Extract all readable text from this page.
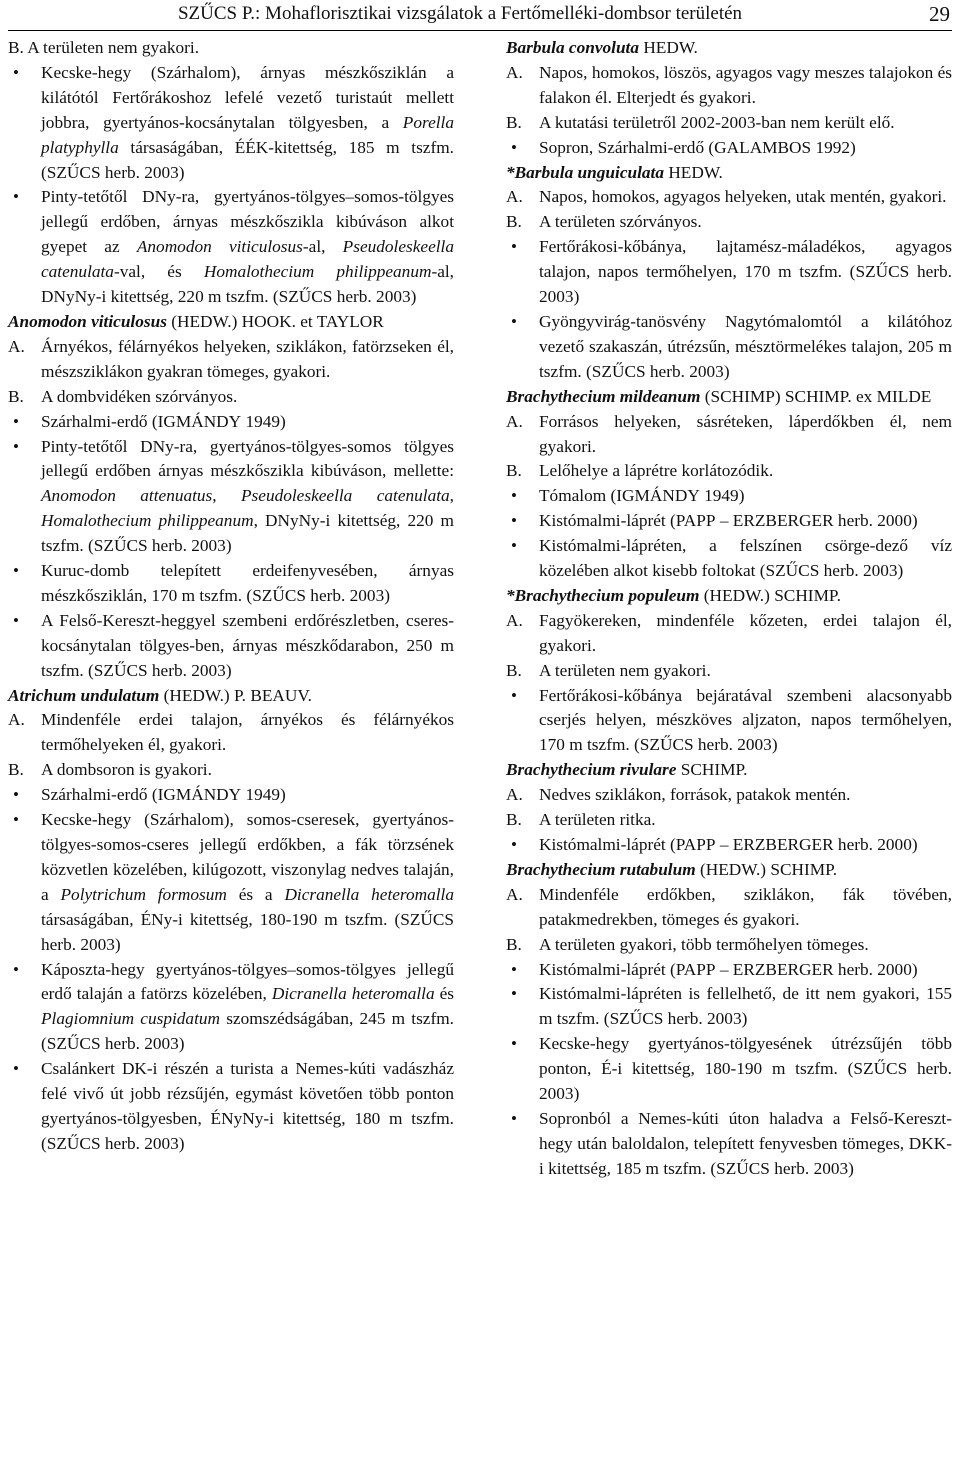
SZŰCS P.: Mohaflorisztikai vizsgálatok a Fertőmelléki-dombsor területén	29

B. A területen nem gyakori.

• Kecske-hegy (Szárhalom), árnyas mészkősziklán a kilátótól Fertőrákoshoz lefelé vezető turistaút mellett jobbra, gyertyános-kocsánytalan tölgyesben, a Porella platyphylla társaságában, ÉÉK-kitettség, 185 m tszfm. (SZŰCS herb. 2003)

• Pinty-tetőtől DNy-ra, gyertyános-tölgyes–somos-tölgyes jellegű erdőben, árnyas mészkőszikla kibúváson alkot gyepet az Anomodon viticulosus-al, Pseudoleskeella catenulata-val, és Homalothecium philippeanum-al, DNyNy-i kitettség, 220 m tszfm. (SZŰCS herb. 2003)

Anomodon viticulosus (HEDW.) HOOK. et TAYLOR

A. Árnyékos, félárnyékos helyeken, sziklákon, fatörzseken él, mészsziklákon gyakran tömeges, gyakori.

B. A dombvidéken szórványos.

• Szárhalmi-erdő (IGMÁNDY 1949)

• Pinty-tetőtől DNy-ra, gyertyános-tölgyes-somos tölgyes jellegű erdőben árnyas mészkőszikla kibúváson, mellette: Anomodon attenuatus, Pseudoleskeella catenulata, Homalothecium philippeanum, DNyNy-i kitettség, 220 m tszfm. (SZŰCS herb. 2003)

• Kuruc-domb telepített erdeifenyvesében, árnyas mészkősziklán, 170 m tszfm. (SZŰCS herb. 2003)

• A Felső-Kereszt-heggyel szembeni erdőrészletben, cseres-kocsánytalan tölgyes-ben, árnyas mészkődarabon, 250 m tszfm. (SZŰCS herb. 2003)

Atrichum undulatum (HEDW.) P. BEAUV.

A. Mindenféle erdei talajon, árnyékos és félárnyékos termőhelyeken él, gyakori.

B. A dombsoron is gyakori.

• Szárhalmi-erdő (IGMÁNDY 1949)

• Kecske-hegy (Szárhalom), somos-cseresek, gyertyános-tölgyes-somos-cseres jellegű erdőkben, a fák törzsének közvetlen közelében, kilúgozott, viszonylag nedves talaján, a Polytrichum formosum és a Dicranella heteromalla társaságában, ÉNy-i kitettség, 180-190 m tszfm. (SZŰCS herb. 2003)

• Káposzta-hegy gyertyános-tölgyes–somos-tölgyes jellegű erdő talaján a fatörzs közelében, Dicranella heteromalla és Plagiomnium cuspidatum szomszédságában, 245 m tszfm. (SZŰCS herb. 2003)

• Csalánkert DK-i részén a turista a Nemes-kúti vadászház felé vivő út jobb rézsűjén, egymást követően több ponton gyertyános-tölgyesben, ÉNyNy-i kitettség, 180 m tszfm. (SZŰCS herb. 2003)

Barbula convoluta HEDW.

A. Napos, homokos, löszös, agyagos vagy meszes talajokon és falakon él. Elterjedt és gyakori.

B. A kutatási területről 2002-2003-ban nem került elő.

• Sopron, Szárhalmi-erdő (GALAMBOS 1992)

*Barbula unguiculata HEDW.

A. Napos, homokos, agyagos helyeken, utak mentén, gyakori.

B. A területen szórványos.

• Fertőrákosi-kőbánya, lajtamész-máladékos, agyagos talajon, napos termőhelyen, 170 m tszfm. (SZŰCS herb. 2003)

• Gyöngyvirág-tanösvény Nagytómalomtól a kilátóhoz vezető szakaszán, útrézsűn, mésztörmelékes talajon, 205 m tszfm. (SZŰCS herb. 2003)

Brachythecium mildeanum (SCHIMP) SCHIMP. ex MILDE

A. Forrásos helyeken, sásréteken, láperdőkben él, nem gyakori.

B. Lelőhelye a láprétre korlátozódik.

• Tómalom (IGMÁNDY 1949)

• Kistómalmi-láprét (PAPP – ERZBERGER herb. 2000)

• Kistómalmi-lápréten, a felszínen csörge-dező víz közelében alkot kisebb foltokat (SZŰCS herb. 2003)

*Brachythecium populeum (HEDW.) SCHIMP.

A. Fagyökereken, mindenféle kőzeten, erdei talajon él, gyakori.

B. A területen nem gyakori.

• Fertőrákosi-kőbánya bejáratával szembeni alacsonyabb cserjés helyen, mészköves aljzaton, napos termőhelyen, 170 m tszfm. (SZŰCS herb. 2003)

Brachythecium rivulare SCHIMP.

A. Nedves sziklákon, források, patakok mentén.

B. A területen ritka.

• Kistómalmi-láprét (PAPP – ERZBERGER herb. 2000)

Brachythecium rutabulum (HEDW.) SCHIMP.

A. Mindenféle erdőkben, sziklákon, fák tövében, patakmedrekben, tömeges és gyakori.

B. A területen gyakori, több termőhelyen tömeges.

• Kistómalmi-láprét (PAPP – ERZBERGER herb. 2000)

• Kistómalmi-lápréten is fellelhető, de itt nem gyakori, 155 m tszfm. (SZŰCS herb. 2003)

• Kecske-hegy gyertyános-tölgyesének útrézsűjén több ponton, É-i kitettség, 180-190 m tszfm. (SZŰCS herb. 2003)

• Sopronból a Nemes-kúti úton haladva a Felső-Kereszt-hegy után baloldalon, telepített fenyvesben tömeges, DKK-i kitettség, 185 m tszfm. (SZŰCS herb. 2003)
